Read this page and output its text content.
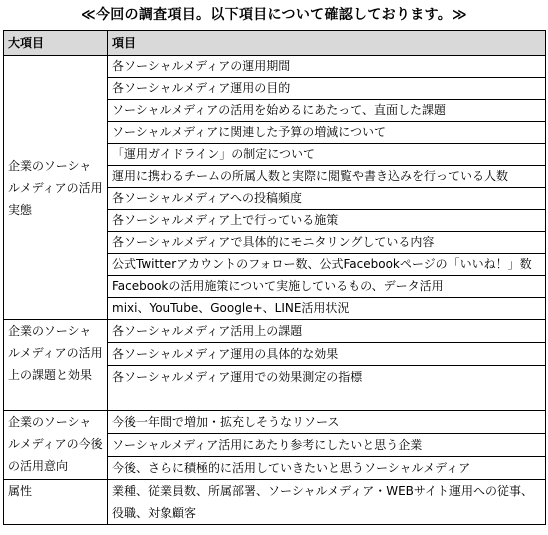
≪今回の調査項目。以下項目について確認しております。≫
大項目	項目
企業のソーシャルメディアの活用実態	各ソーシャルメディアの運用期間
	各ソーシャルメディア運用の目的
	ソーシャルメディアの活用を始めるにあたって、直面した課題
	ソーシャルメディアに関連した予算の増減について
	「運用ガイドライン」の制定について
	運用に携わるチームの所属人数と実際に閲覧や書き込みを行っている人数
	各ソーシャルメディアへの投稿頻度
	各ソーシャルメディア上で行っている施策
	各ソーシャルメディアで具体的にモニタリングしている内容
	公式Twitterアカウントのフォロー数、公式Facebookページの「いいね！」数
	Facebookの活用施策について実施しているもの、データ活用
	mixi、YouTube、Google+、LINE活用状況
企業のソーシャルメディアの活用上の課題と効果	各ソーシャルメディア活用上の課題
	各ソーシャルメディア運用の具体的な効果
	各ソーシャルメディア運用での効果測定の指標
企業のソーシャルメディアの今後の活用意向	今後一年間で増加・拡充しそうなリソース
	ソーシャルメディア活用にあたり参考にしたいと思う企業
	今後、さらに積極的に活用していきたいと思うソーシャルメディア
属性	業種、従業員数、所属部署、ソーシャルメディア・WEBサイト運用への従事、役職、対象顧客
